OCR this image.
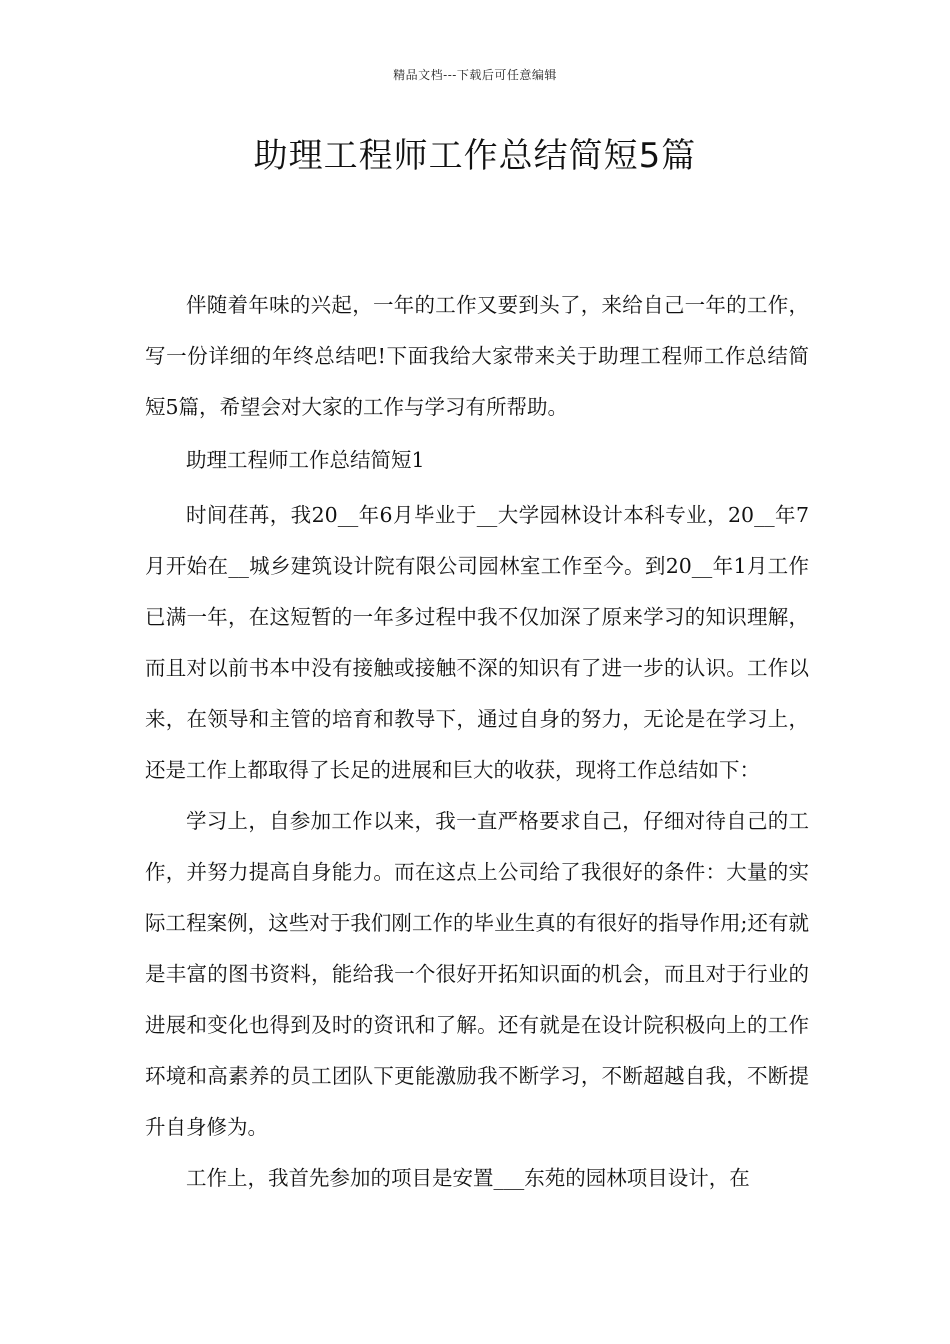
精品文档---下载后可任意编辑
助理工程师工作总结简短5篇

伴随着年味的兴起，一年的工作又要到头了，来给自己一年的工作，写一份详细的年终总结吧!下面我给大家带来关于助理工程师工作总结简短5篇，希望会对大家的工作与学习有所帮助。

助理工程师工作总结简短1

时间荏苒，我20__年6月毕业于__大学园林设计本科专业，20__年7月开始在__城乡建筑设计院有限公司园林室工作至今。到20__年1月工作已满一年，在这短暂的一年多过程中我不仅加深了原来学习的知识理解，而且对以前书本中没有接触或接触不深的知识有了进一步的认识。工作以来，在领导和主管的培育和教导下，通过自身的努力，无论是在学习上，还是工作上都取得了长足的进展和巨大的收获，现将工作总结如下：

学习上，自参加工作以来，我一直严格要求自己，仔细对待自己的工作，并努力提高自身能力。而在这点上公司给了我很好的条件：大量的实际工程案例，这些对于我们刚工作的毕业生真的有很好的指导作用;还有就是丰富的图书资料，能给我一个很好开拓知识面的机会，而且对于行业的进展和变化也得到及时的资讯和了解。还有就是在设计院积极向上的工作环境和高素养的员工团队下更能激励我不断学习，不断超越自我，不断提升自身修为。

工作上，我首先参加的项目是安置___东苑的园林项目设计，在
